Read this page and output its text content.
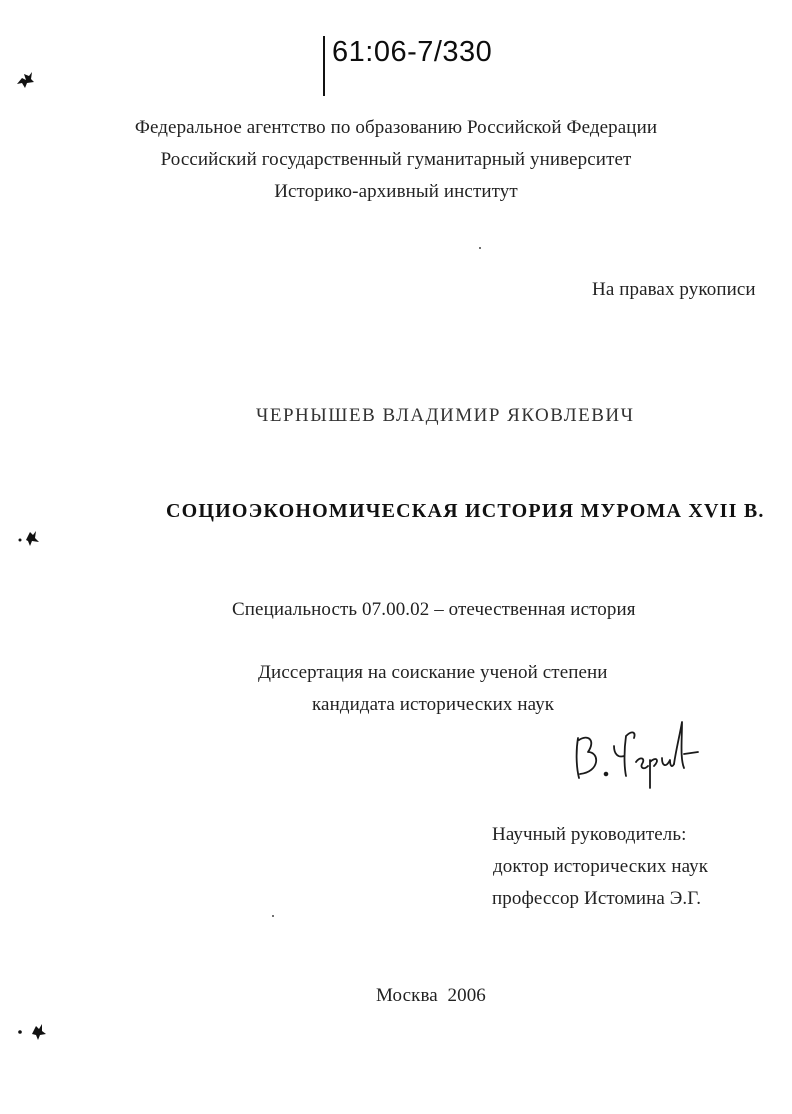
61:06-7/330
Федеральное агентство по образованию Российской Федерации
Российский государственный гуманитарный университет
Историко-архивный институт
На правах рукописи
ЧЕРНЫШЕВ ВЛАДИМИР ЯКОВЛЕВИЧ
СОЦИОЭКОНОМИЧЕСКАЯ ИСТОРИЯ МУРОМА XVII В.
Специальность 07.00.02 – отечественная история
Диссертация на соискание ученой степени
кандидата исторических наук
Научный руководитель:
доктор исторических наук
профессор Истомина Э.Г.
Москва  2006
